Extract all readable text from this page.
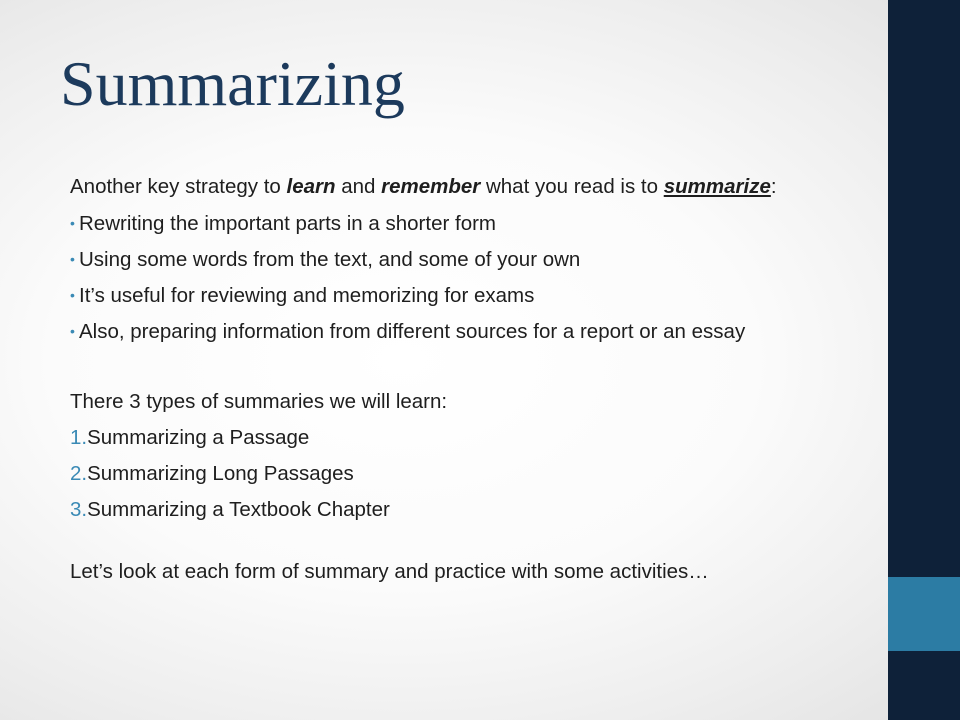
Summarizing

Another key strategy to learn and remember what you read is to summarize:

• Rewriting the important parts in a shorter form
• Using some words from the text, and some of your own
• It’s useful for reviewing and memorizing for exams
• Also, preparing information from different sources for a report or an essay

There 3 types of summaries we will learn:

1.Summarizing a Passage
2.Summarizing Long Passages
3.Summarizing a Textbook Chapter

Let’s look at each form of summary and practice with some activities…
